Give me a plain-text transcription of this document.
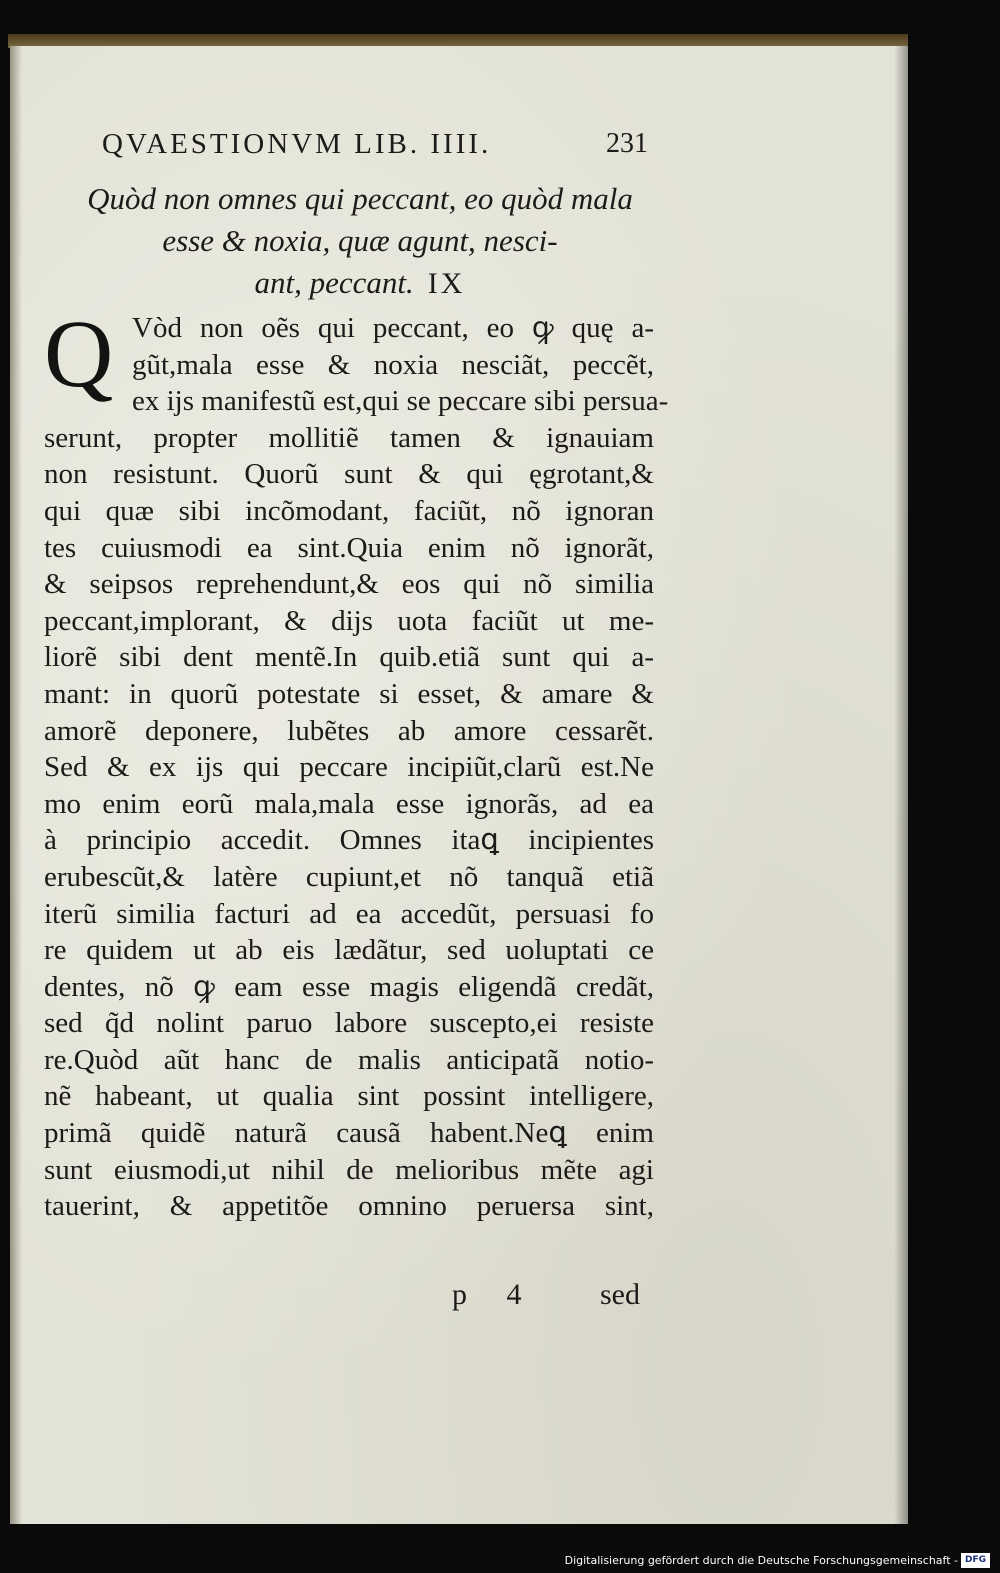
QVAESTIONVM LIB. IIII.	231
Quòd non omnes qui peccant, eo quòd mala
esse & noxia, quæ agunt, nesci-
ant, peccant. IX
Q Vòd non oẽs qui peccant, eo ꝙ quę a-
gũt,mala esse & noxia nesciãt, peccẽt,
ex ijs manifestũ est,qui se peccare sibi persua-
serunt, propter mollitiẽ tamen & ignauiam
non resistunt. Quorũ sunt & qui ęgrotant,&
qui quæ sibi incõmodant, faciũt, nõ ignoran
tes cuiusmodi ea sint.Quia enim nõ ignorãt,
& seipsos reprehendunt,& eos qui nõ similia
peccant,implorant, & dijs uota faciũt ut me-
liorẽ sibi dent mentẽ.In quib.etiã sunt qui a-
mant: in quorũ potestate si esset, & amare &
amorẽ deponere, lubẽtes ab amore cessarẽt.
Sed & ex ijs qui peccare incipiũt,clarũ est.Ne
mo enim eorũ mala,mala esse ignorãs, ad ea
à principio accedit. Omnes itaꝗ incipientes
erubescũt,& latère cupiunt,et nõ tanquã etiã
iterũ similia facturi ad ea accedũt, persuasi fo
re quidem ut ab eis lædãtur, sed uoluptati ce
dentes, nõ ꝙ eam esse magis eligendã credãt,
sed q̃d nolint paruo labore suscepto,ei resiste
re.Quòd aũt hanc de malis anticipatã notio-
nẽ habeant, ut qualia sint possint intelligere,
primã quidẽ naturã causã habent.Neꝗ enim
sunt eiusmodi,ut nihil de melioribus mẽte agi
tauerint, & appetitõe omnino peruersa sint,
p 4 sed
Digitalisierung gefördert durch die Deutsche Forschungsgemeinschaft - DFG
